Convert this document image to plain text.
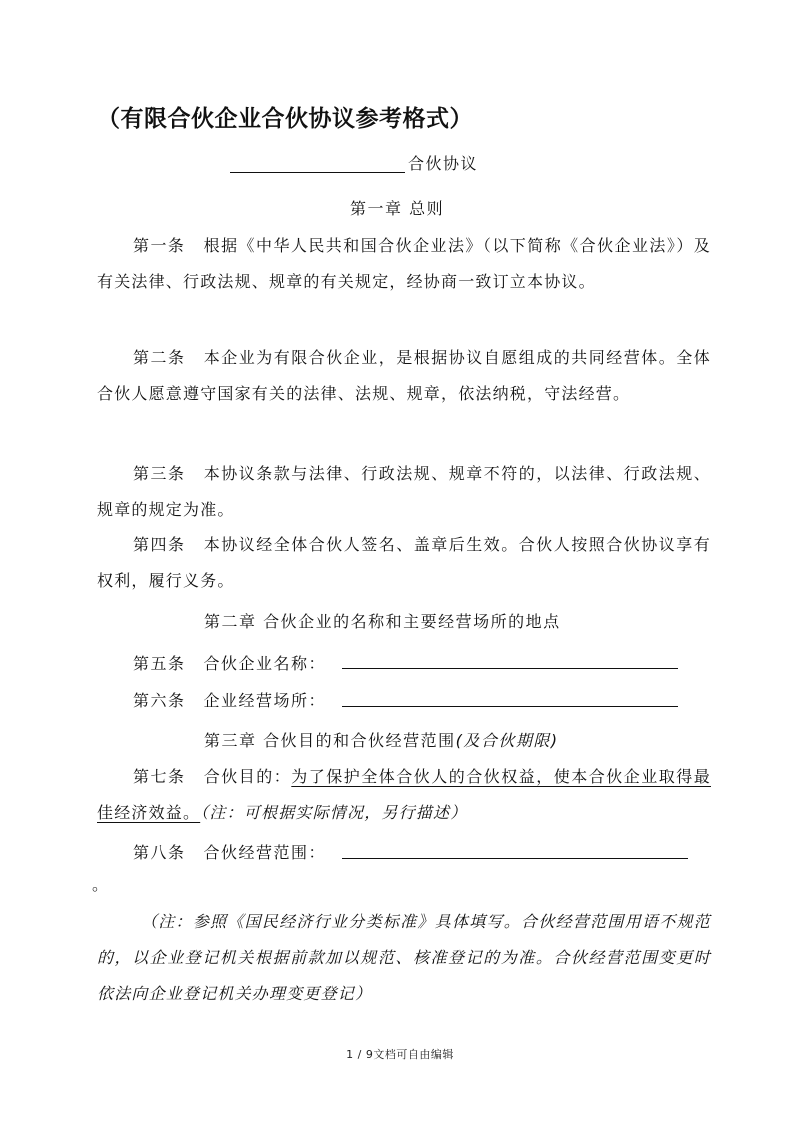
（有限合伙企业合伙协议参考格式）
合伙协议
第一章 总则
第一条 根据《中华人民共和国合伙企业法》（以下简称《合伙企业法》）及有关法律、行政法规、规章的有关规定，经协商一致订立本协议。
第二条 本企业为有限合伙企业，是根据协议自愿组成的共同经营体。全体合伙人愿意遵守国家有关的法律、法规、规章，依法纳税，守法经营。
第三条 本协议条款与法律、行政法规、规章不符的，以法律、行政法规、规章的规定为准。
第四条 本协议经全体合伙人签名、盖章后生效。合伙人按照合伙协议享有权利，履行义务。
第二章 合伙企业的名称和主要经营场所的地点
第五条 合伙企业名称：
第六条 企业经营场所：
第三章 合伙目的和合伙经营范围(及合伙期限)
第七条 合伙目的：为了保护全体合伙人的合伙权益，使本合伙企业取得最佳经济效益。（注：可根据实际情况，另行描述）
第八条 合伙经营范围：
。
（注：参照《国民经济行业分类标准》具体填写。合伙经营范围用语不规范的，以企业登记机关根据前款加以规范、核准登记的为准。合伙经营范围变更时依法向企业登记机关办理变更登记）
1 / 9文档可自由编辑
